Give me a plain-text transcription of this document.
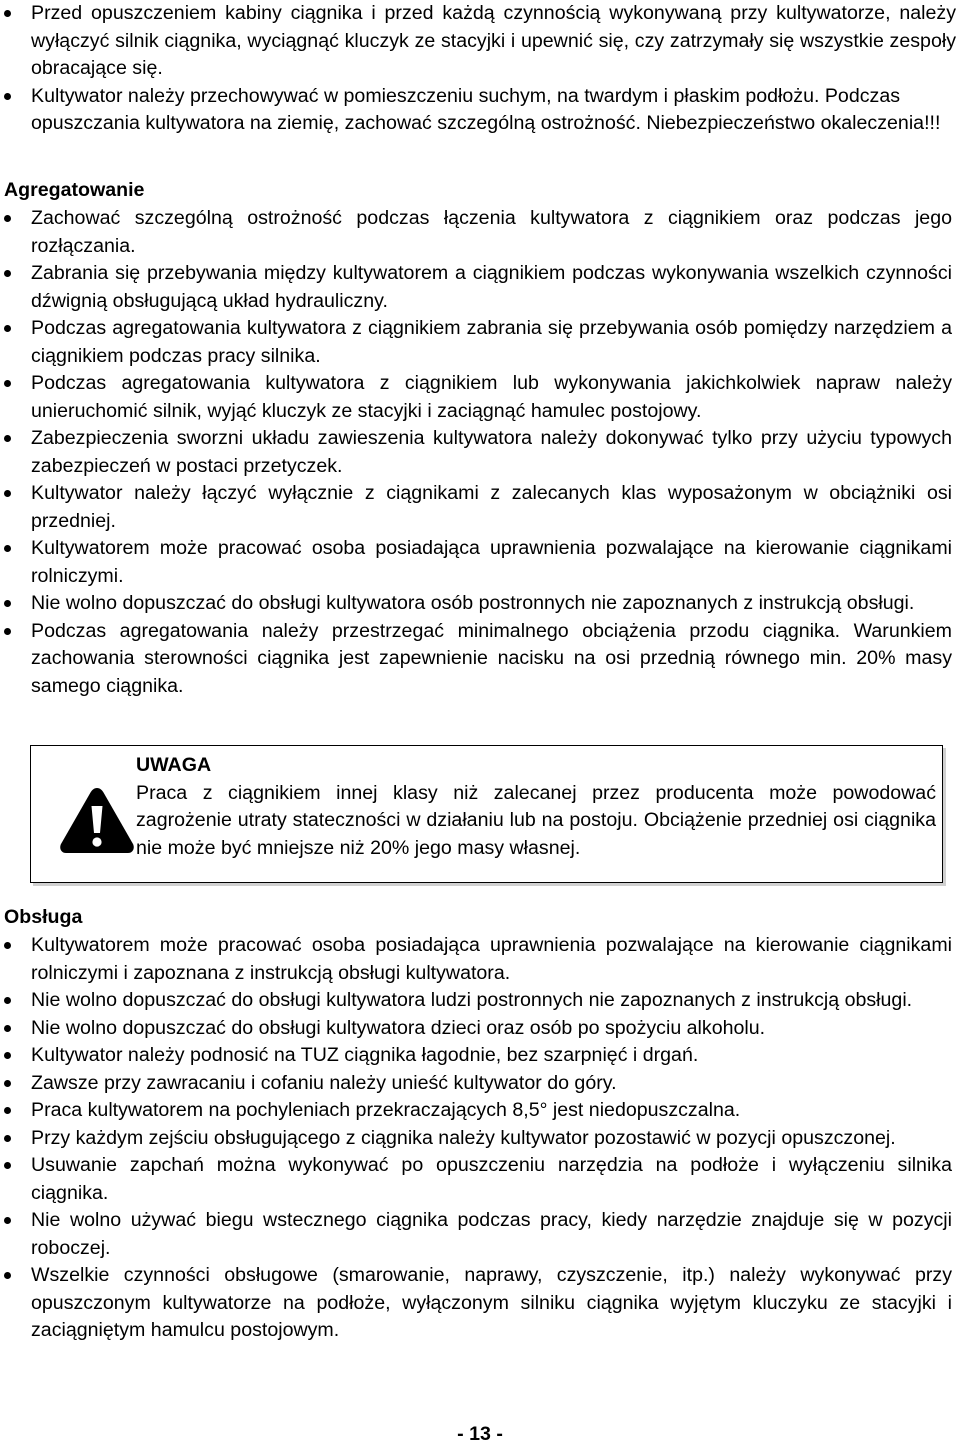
Przed opuszczeniem kabiny ciągnika i przed każdą czynnością wykonywaną przy kultywatorze, należy wyłączyć silnik ciągnika, wyciągnąć kluczyk ze stacyjki i upewnić się, czy zatrzymały się wszystkie zespoły obracające się.
Kultywator należy przechowywać w pomieszczeniu suchym, na twardym i płaskim podłożu. Podczas opuszczania kultywatora na ziemię, zachować szczególną ostrożność. Niebezpieczeństwo okaleczenia!!!
Agregatowanie
Zachować szczególną ostrożność podczas łączenia kultywatora z ciągnikiem oraz podczas jego rozłączania.
Zabrania się przebywania między kultywatorem a ciągnikiem podczas wykonywania wszelkich czynności dźwignią obsługującą układ hydrauliczny.
Podczas agregatowania kultywatora z ciągnikiem zabrania się przebywania osób pomiędzy narzędziem a ciągnikiem podczas pracy silnika.
Podczas agregatowania kultywatora z ciągnikiem lub wykonywania jakichkolwiek napraw należy unieruchomić silnik, wyjąć kluczyk ze stacyjki i zaciągnąć hamulec postojowy.
Zabezpieczenia sworzni układu zawieszenia kultywatora należy dokonywać tylko przy użyciu typowych zabezpieczeń w postaci przetyczek.
Kultywator należy łączyć wyłącznie z ciągnikami z zalecanych klas wyposażonym w obciążniki osi przedniej.
Kultywatorem może pracować osoba posiadająca uprawnienia pozwalające na kierowanie ciągnikami rolniczymi.
Nie wolno dopuszczać do obsługi kultywatora osób postronnych nie zapoznanych z instrukcją obsługi.
Podczas agregatowania należy przestrzegać minimalnego obciążenia przodu ciągnika. Warunkiem zachowania sterowności ciągnika jest zapewnienie nacisku na osi przednią równego min. 20% masy samego ciągnika.
UWAGA
Praca z ciągnikiem innej klasy niż zalecanej przez producenta może powodować zagrożenie utraty stateczności w działaniu lub na postoju. Obciążenie przedniej osi ciągnika nie może być mniejsze niż 20% jego masy własnej.
Obsługa
Kultywatorem może pracować osoba posiadająca uprawnienia pozwalające na kierowanie ciągnikami rolniczymi i zapoznana z instrukcją obsługi kultywatora.
Nie wolno dopuszczać do obsługi kultywatora ludzi postronnych nie zapoznanych z instrukcją obsługi.
Nie wolno dopuszczać do obsługi kultywatora dzieci oraz osób po spożyciu alkoholu.
Kultywator należy podnosić na TUZ ciągnika łagodnie, bez szarpnięć i drgań.
Zawsze przy zawracaniu i cofaniu należy unieść kultywator do góry.
Praca kultywatorem na pochyleniach przekraczających 8,5° jest niedopuszczalna.
Przy każdym zejściu obsługującego z ciągnika należy kultywator pozostawić w pozycji opuszczonej.
Usuwanie zapchań można wykonywać po opuszczeniu narzędzia na podłoże i wyłączeniu silnika ciągnika.
Nie wolno używać biegu wstecznego ciągnika podczas pracy, kiedy narzędzie znajduje się w pozycji roboczej.
Wszelkie czynności obsługowe (smarowanie, naprawy, czyszczenie, itp.) należy wykonywać przy opuszczonym kultywatorze na podłoże, wyłączonym silniku ciągnika wyjętym kluczyku ze stacyjki i zaciągniętym hamulcu postojowym.
- 13 -
